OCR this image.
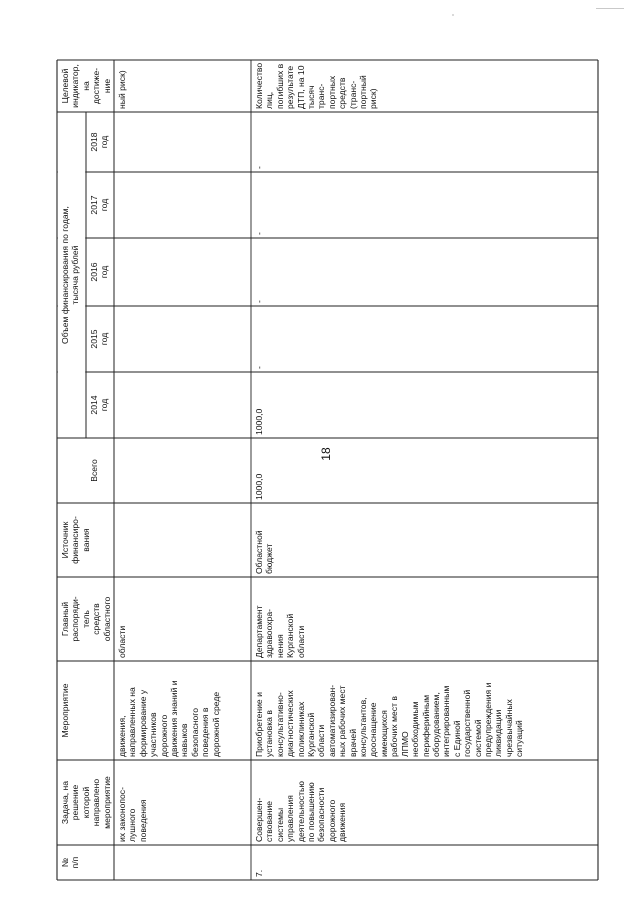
18
Целевой
индикатор,
на
достиже-
ние

Объем финансирования по годам,
тысяча рублей
2018
год
2017
год
2016
год
2015
год
2014
год
Всего
Источник
финансиро-
вания
Главный
распоряди-
тель
средств
областного

Мероприятие
Задача, на
решение
которой
направлено
мероприятие
№
п/п
ный риск)
области
движения,
направленных на
формирование у
участников
дорожного
движения знаний и
навыков
безопасного
поведения в
дорожной среде
их законопос-
лушного
поведения
Количество
лиц,
погибших в
результате
ДТП, на 10
тысяч
транс-
портных
средств
(транс-
портный
риск)
-
-
-
-
1000,0
1000,0
Областной
бюджет
Департамент
здравоохра-
нения
Курганской
области
Приобретение и
установка в
консультативно-
диагностических
поликлиниках
Курганской
области
автоматизирован-
ных рабочих мест
врачей
консультантов,
дооснащение
имеющихся
рабочих мест в
ЛПМО
необходимым
периферийным
оборудованием,
интегрированным
с Единой
государственной
системой
предупреждения и
ликвидации
чрезвычайных
ситуаций
Совершен-
ствование
системы
управления
деятельностью
по повышению
безопасности
дорожного
движения
7.
